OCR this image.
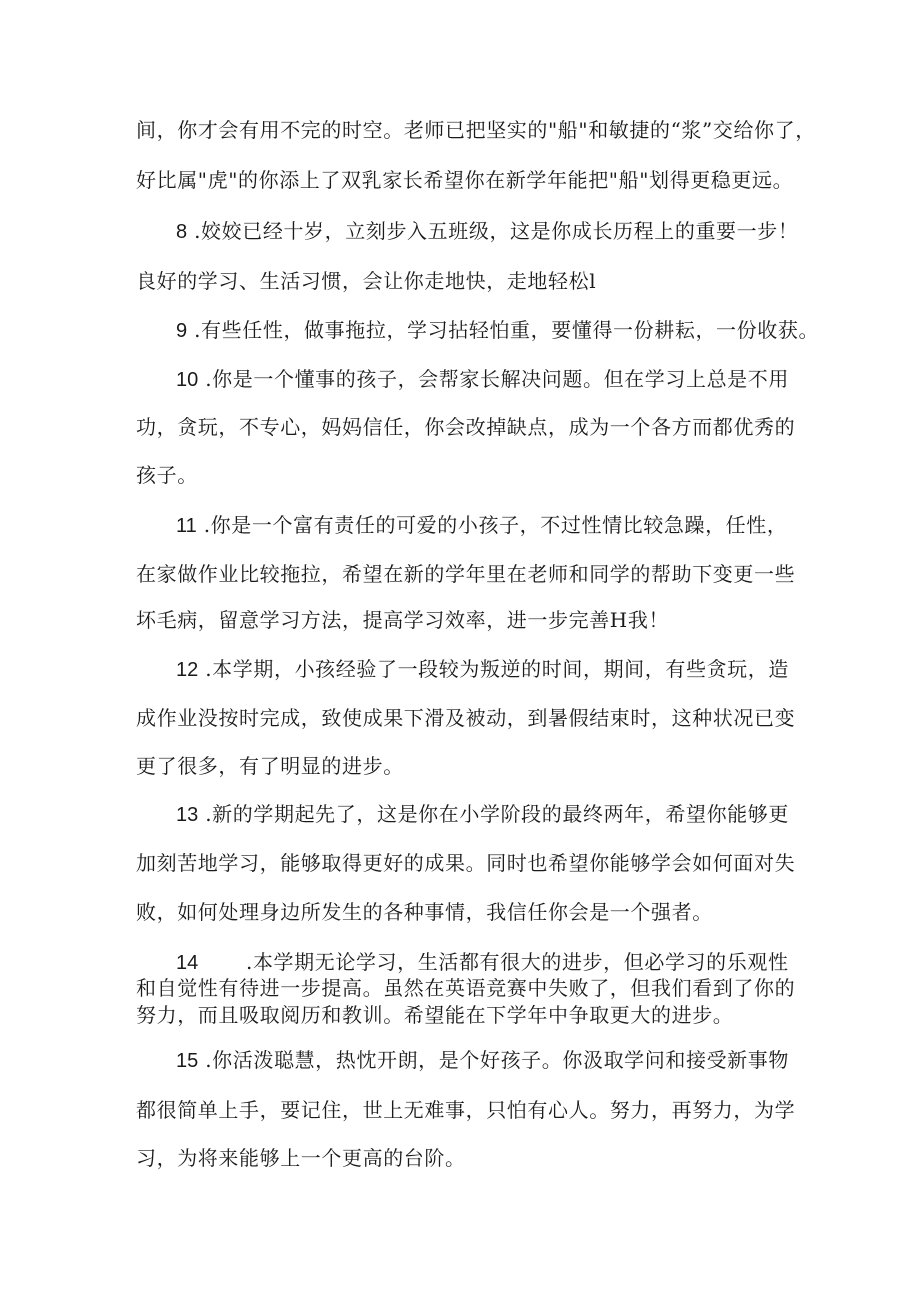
间，你才会有用不完的时空。老师已把坚实的"船"和敏捷的“浆”交给你了，
好比属"虎"的你添上了双乳家长希望你在新学年能把"船"划得更稳更远。
8 .姣姣已经十岁，立刻步入五班级，这是你成长历程上的重要一步！
良好的学习、生活习惯，会让你走地快，走地轻松l
9 .有些任性，做事拖拉，学习拈轻怕重，要懂得一份耕耘，一份收获。
10 .你是一个懂事的孩子，会帮家长解决问题。但在学习上总是不用
功，贪玩，不专心，妈妈信任，你会改掉缺点，成为一个各方而都优秀的
孩子。
11 .你是一个富有责任的可爱的小孩子，不过性情比较急躁，任性，
在家做作业比较拖拉，希望在新的学年里在老师和同学的帮助下变更一些
坏毛病，留意学习方法，提高学习效率，进一步完善H我！
12 .本学期，小孩经验了一段较为叛逆的时间，期间，有些贪玩，造
成作业没按时完成，致使成果下滑及被动，到暑假结束时，这种状况已变
更了很多，有了明显的进步。
13 .新的学期起先了，这是你在小学阶段的最终两年，希望你能够更
加刻苦地学习，能够取得更好的成果。同时也希望你能够学会如何面对失
败，如何处理身边所发生的各种事情，我信任你会是一个强者。
14 .本学期无论学习，生活都有很大的进步，但必学习的乐观性
和自觉性有待进一步提高。虽然在英语竞赛中失败了，但我们看到了你的
努力，而且吸取阅历和教训。希望能在下学年中争取更大的进步。
15 .你活泼聪慧，热忱开朗，是个好孩子。你汲取学问和接受新事物
都很简单上手，要记住，世上无难事，只怕有心人。努力，再努力，为学
习，为将来能够上一个更高的台阶。
